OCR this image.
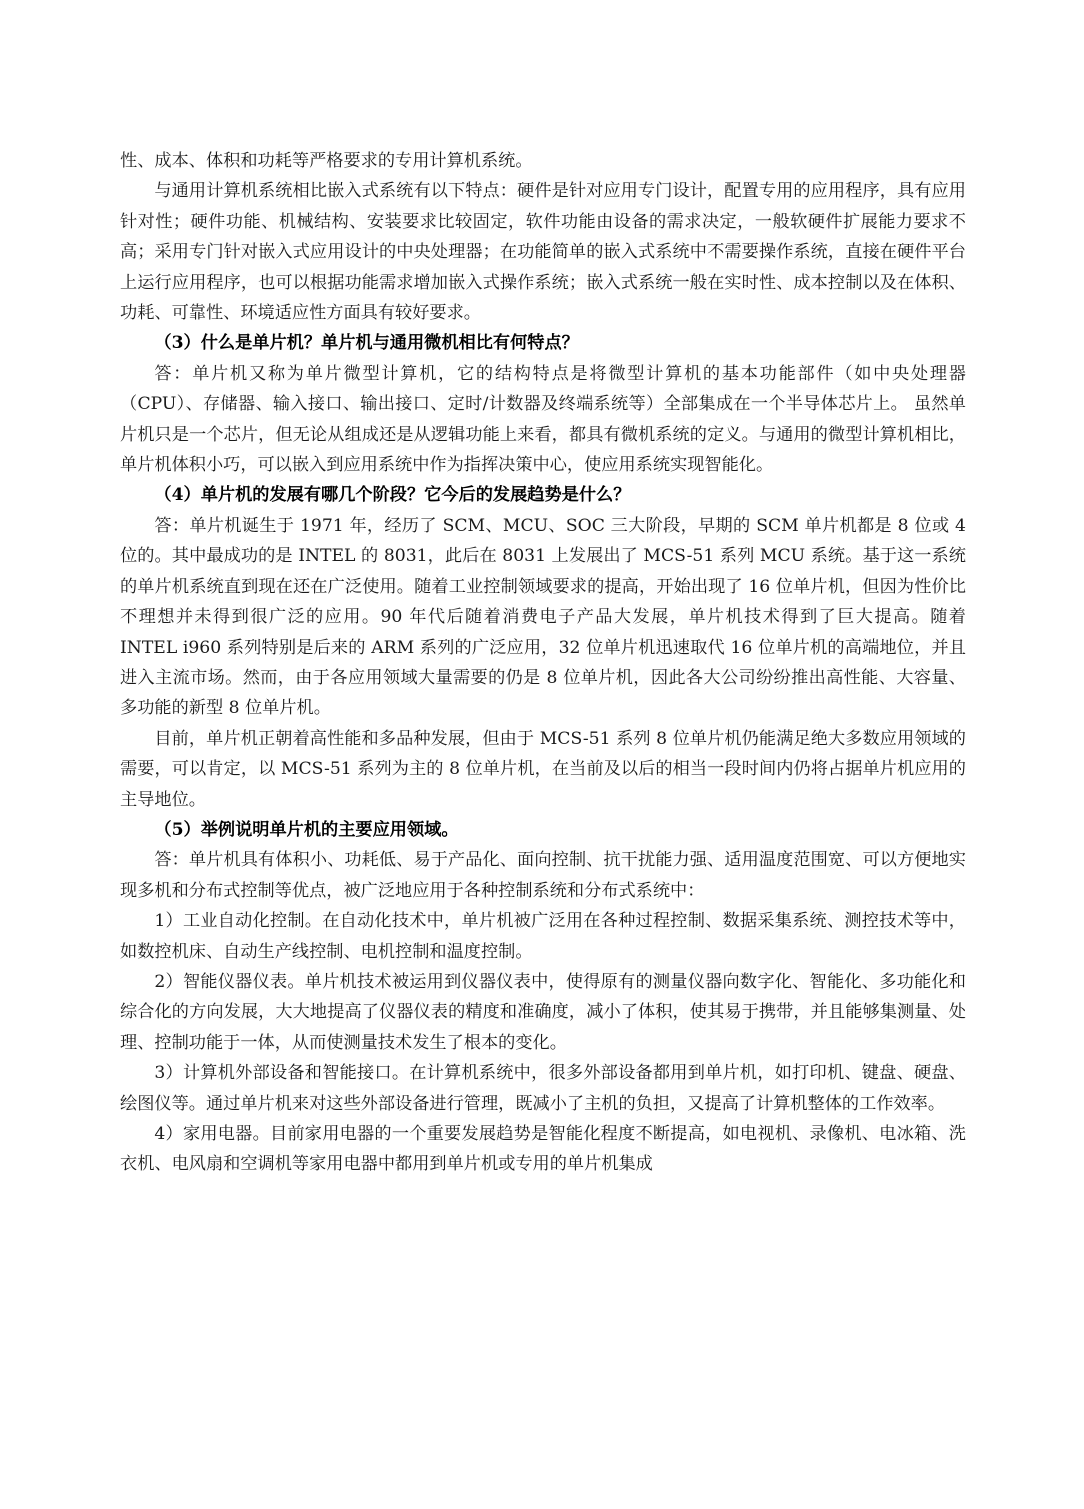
性、成本、体积和功耗等严格要求的专用计算机系统。

与通用计算机系统相比嵌入式系统有以下特点：硬件是针对应用专门设计，配置专用的应用程序，具有应用针对性；硬件功能、机械结构、安装要求比较固定，软件功能由设备的需求决定，一般软硬件扩展能力要求不高；采用专门针对嵌入式应用设计的中央处理器；在功能简单的嵌入式系统中不需要操作系统，直接在硬件平台上运行应用程序，也可以根据功能需求增加嵌入式操作系统；嵌入式系统一般在实时性、成本控制以及在体积、功耗、可靠性、环境适应性方面具有较好要求。

（3）什么是单片机？单片机与通用微机相比有何特点？

答：单片机又称为单片微型计算机，它的结构特点是将微型计算机的基本功能部件（如中央处理器（CPU）、存储器、输入接口、输出接口、定时/计数器及终端系统等）全部集成在一个半导体芯片上。 虽然单片机只是一个芯片，但无论从组成还是从逻辑功能上来看，都具有微机系统的定义。与通用的微型计算机相比，单片机体积小巧，可以嵌入到应用系统中作为指挥决策中心，使应用系统实现智能化。

（4）单片机的发展有哪几个阶段？它今后的发展趋势是什么？

答：单片机诞生于 1971 年，经历了 SCM、MCU、SOC 三大阶段，早期的 SCM 单片机都是 8 位或 4 位的。其中最成功的是 INTEL 的 8031，此后在 8031 上发展出了 MCS-51 系列 MCU 系统。基于这一系统的单片机系统直到现在还在广泛使用。随着工业控制领域要求的提高，开始出现了 16 位单片机，但因为性价比不理想并未得到很广泛的应用。90 年代后随着消费电子产品大发展，单片机技术得到了巨大提高。随着 INTEL i960 系列特别是后来的 ARM 系列的广泛应用，32 位单片机迅速取代 16 位单片机的高端地位，并且进入主流市场。然而，由于各应用领域大量需要的仍是 8 位单片机，因此各大公司纷纷推出高性能、大容量、多功能的新型 8 位单片机。

目前，单片机正朝着高性能和多品种发展，但由于 MCS-51 系列 8 位单片机仍能满足绝大多数应用领域的需要，可以肯定，以 MCS-51 系列为主的 8 位单片机，在当前及以后的相当一段时间内仍将占据单片机应用的主导地位。

（5）举例说明单片机的主要应用领域。

答：单片机具有体积小、功耗低、易于产品化、面向控制、抗干扰能力强、适用温度范围宽、可以方便地实现多机和分布式控制等优点，被广泛地应用于各种控制系统和分布式系统中：

1）工业自动化控制。在自动化技术中，单片机被广泛用在各种过程控制、数据采集系统、测控技术等中，如数控机床、自动生产线控制、电机控制和温度控制。

2）智能仪器仪表。单片机技术被运用到仪器仪表中，使得原有的测量仪器向数字化、智能化、多功能化和综合化的方向发展，大大地提高了仪器仪表的精度和准确度，减小了体积，使其易于携带，并且能够集测量、处理、控制功能于一体，从而使测量技术发生了根本的变化。

3）计算机外部设备和智能接口。在计算机系统中，很多外部设备都用到单片机，如打印机、键盘、硬盘、绘图仪等。通过单片机来对这些外部设备进行管理，既减小了主机的负担，又提高了计算机整体的工作效率。

4）家用电器。目前家用电器的一个重要发展趋势是智能化程度不断提高，如电视机、录像机、电冰箱、洗衣机、电风扇和空调机等家用电器中都用到单片机或专用的单片机集成
